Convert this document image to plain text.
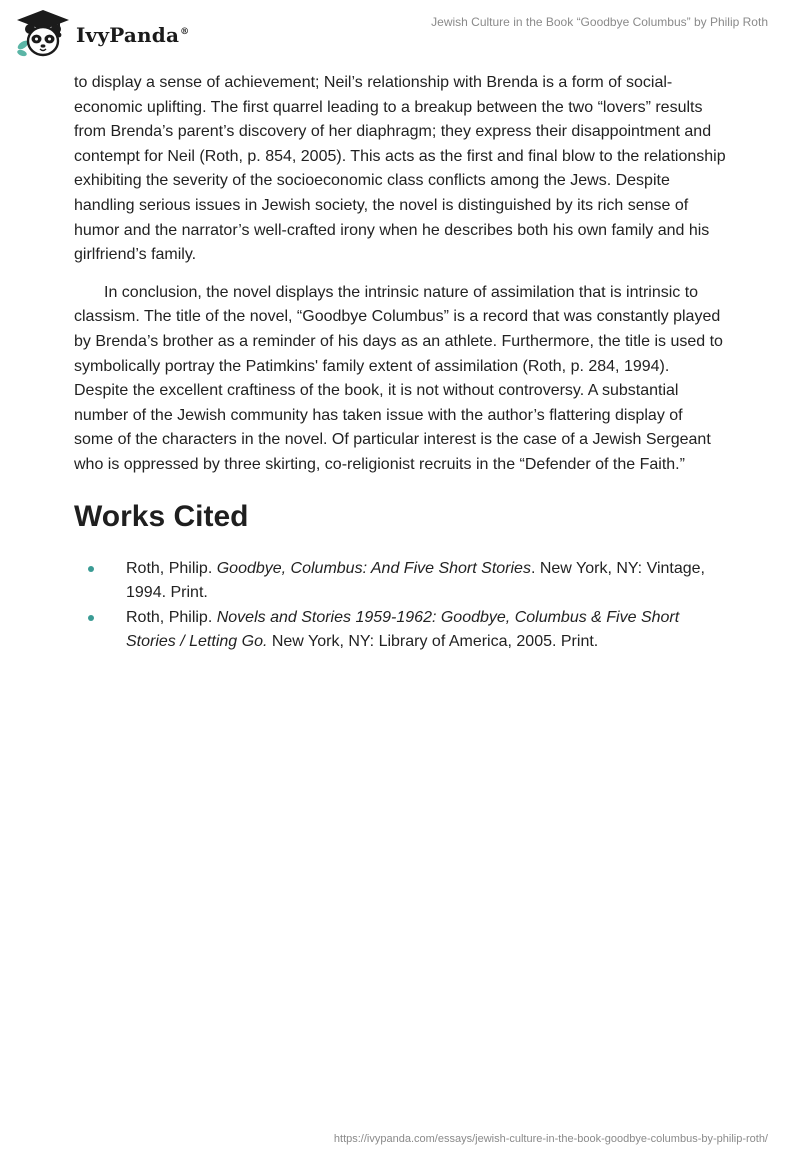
IvyPanda®
Jewish Culture in the Book “Goodbye Columbus” by Philip Roth

to display a sense of achievement; Neil’s relationship with Brenda is a form of social-economic uplifting. The first quarrel leading to a breakup between the two “lovers” results from Brenda’s parent’s discovery of her diaphragm; they express their disappointment and contempt for Neil (Roth, p. 854, 2005). This acts as the first and final blow to the relationship exhibiting the severity of the socioeconomic class conflicts among the Jews. Despite handling serious issues in Jewish society, the novel is distinguished by its rich sense of humor and the narrator’s well-crafted irony when he describes both his own family and his girlfriend’s family.

In conclusion, the novel displays the intrinsic nature of assimilation that is intrinsic to classism. The title of the novel, “Goodbye Columbus” is a record that was constantly played by Brenda’s brother as a reminder of his days as an athlete. Furthermore, the title is used to symbolically portray the Patimkins' family extent of assimilation (Roth, p. 284, 1994). Despite the excellent craftiness of the book, it is not without controversy. A substantial number of the Jewish community has taken issue with the author’s flattering display of some of the characters in the novel. Of particular interest is the case of a Jewish Sergeant who is oppressed by three skirting, co-religionist recruits in the “Defender of the Faith.”

Works Cited
Roth, Philip. Goodbye, Columbus: And Five Short Stories. New York, NY: Vintage, 1994. Print.
Roth, Philip. Novels and Stories 1959-1962: Goodbye, Columbus & Five Short Stories / Letting Go. New York, NY: Library of America, 2005. Print.
https://ivypanda.com/essays/jewish-culture-in-the-book-goodbye-columbus-by-philip-roth/
